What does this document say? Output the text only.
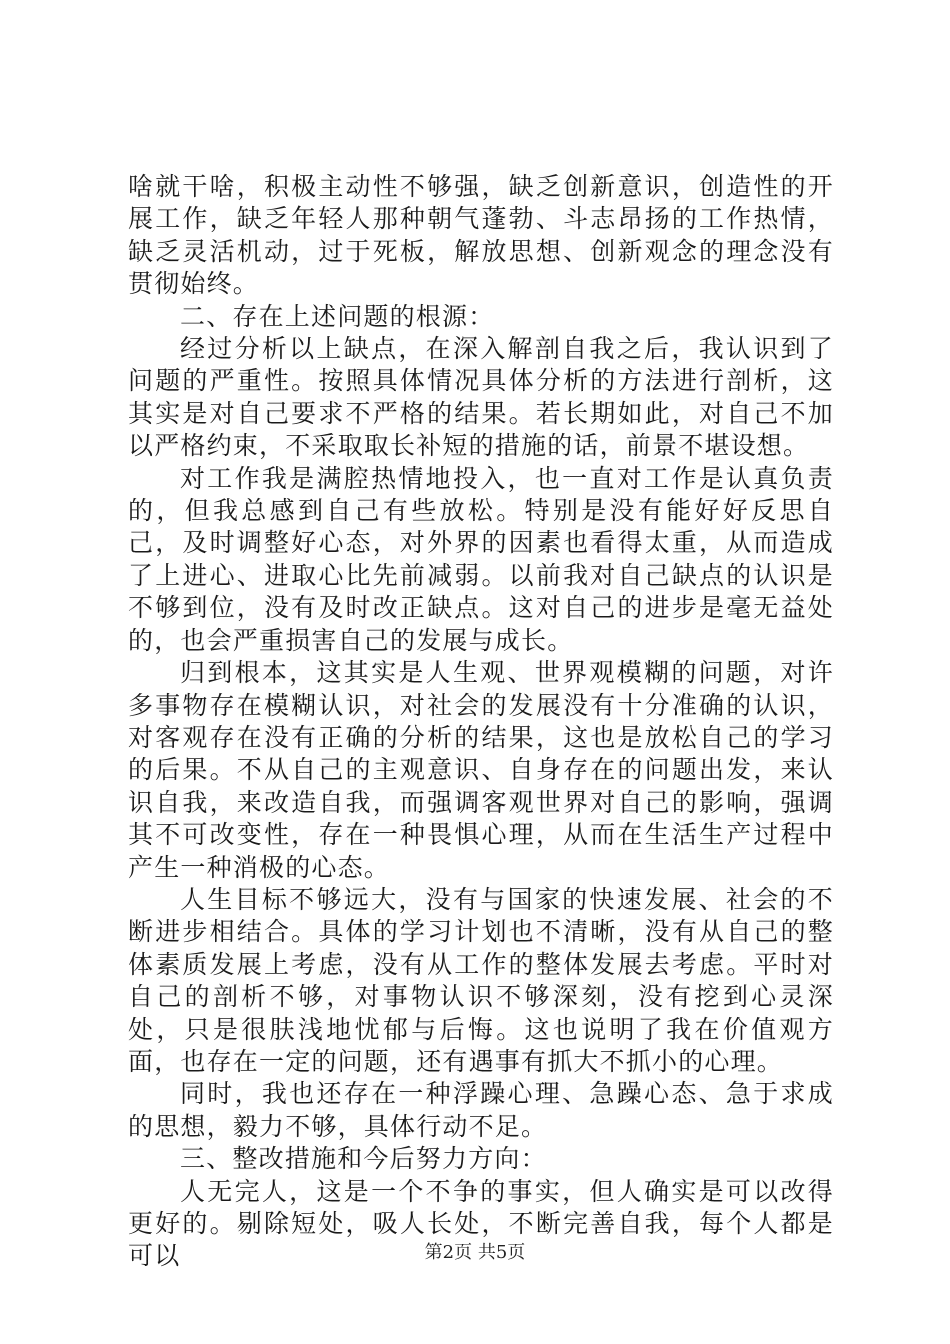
啥就干啥，积极主动性不够强，缺乏创新意识，创造性的开展工作，缺乏年轻人那种朝气蓬勃、斗志昂扬的工作热情，缺乏灵活机动，过于死板，解放思想、创新观念的理念没有贯彻始终。

二、存在上述问题的根源：

经过分析以上缺点，在深入解剖自我之后，我认识到了问题的严重性。按照具体情况具体分析的方法进行剖析，这其实是对自己要求不严格的结果。若长期如此，对自己不加以严格约束，不采取取长补短的措施的话，前景不堪设想。

对工作我是满腔热情地投入，也一直对工作是认真负责的，但我总感到自己有些放松。特别是没有能好好反思自己，及时调整好心态，对外界的因素也看得太重，从而造成了上进心、进取心比先前减弱。以前我对自己缺点的认识是不够到位，没有及时改正缺点。这对自己的进步是毫无益处的，也会严重损害自己的发展与成长。

归到根本，这其实是人生观、世界观模糊的问题，对许多事物存在模糊认识，对社会的发展没有十分准确的认识，对客观存在没有正确的分析的结果，这也是放松自己的学习的后果。不从自己的主观意识、自身存在的问题出发，来认识自我，来改造自我，而强调客观世界对自己的影响，强调其不可改变性，存在一种畏惧心理，从而在生活生产过程中产生一种消极的心态。

人生目标不够远大，没有与国家的快速发展、社会的不断进步相结合。具体的学习计划也不清晰，没有从自己的整体素质发展上考虑，没有从工作的整体发展去考虑。平时对自己的剖析不够，对事物认识不够深刻，没有挖到心灵深处，只是很肤浅地忧郁与后悔。这也说明了我在价值观方面，也存在一定的问题，还有遇事有抓大不抓小的心理。

同时，我也还存在一种浮躁心理、急躁心态、急于求成的思想，毅力不够，具体行动不足。

三、整改措施和今后努力方向：

人无完人，这是一个不争的事实，但人确实是可以改得更好的。剔除短处，吸人长处，不断完善自我，每个人都是可以	第2页 共5页
